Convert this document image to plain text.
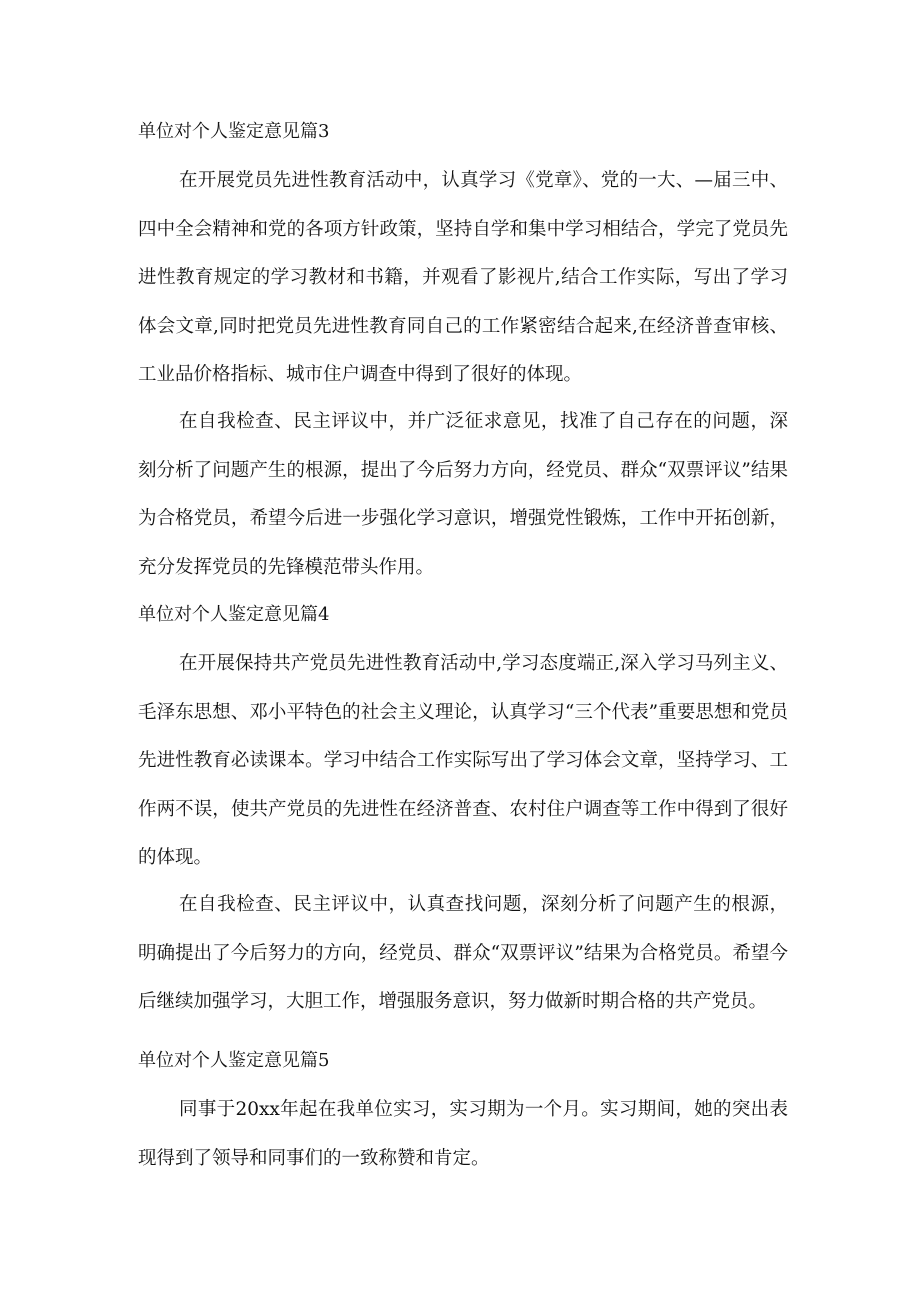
单位对个人鉴定意见篇3

在开展党员先进性教育活动中，认真学习《党章》、党的一大、—届三中、四中全会精神和党的各项方针政策，坚持自学和集中学习相结合，学完了党员先进性教育规定的学习教材和书籍，并观看了影视片,结合工作实际，写出了学习体会文章,同时把党员先进性教育同自己的工作紧密结合起来,在经济普查审核、工业品价格指标、城市住户调查中得到了很好的体现。

在自我检查、民主评议中，并广泛征求意见，找准了自己存在的问题，深刻分析了问题产生的根源，提出了今后努力方向，经党员、群众“双票评议”结果为合格党员，希望今后进一步强化学习意识，增强党性锻炼，工作中开拓创新，充分发挥党员的先锋模范带头作用。

单位对个人鉴定意见篇4

在开展保持共产党员先进性教育活动中,学习态度端正,深入学习马列主义、毛泽东思想、邓小平特色的社会主义理论，认真学习“三个代表”重要思想和党员先进性教育必读课本。学习中结合工作实际写出了学习体会文章，坚持学习、工作两不误，使共产党员的先进性在经济普查、农村住户调查等工作中得到了很好的体现。

在自我检查、民主评议中，认真查找问题，深刻分析了问题产生的根源，明确提出了今后努力的方向，经党员、群众“双票评议”结果为合格党员。希望今后继续加强学习，大胆工作，增强服务意识，努力做新时期合格的共产党员。

单位对个人鉴定意见篇5

同事于20xx年起在我单位实习，实习期为一个月。实习期间，她的突出表现得到了领导和同事们的一致称赞和肯定。
